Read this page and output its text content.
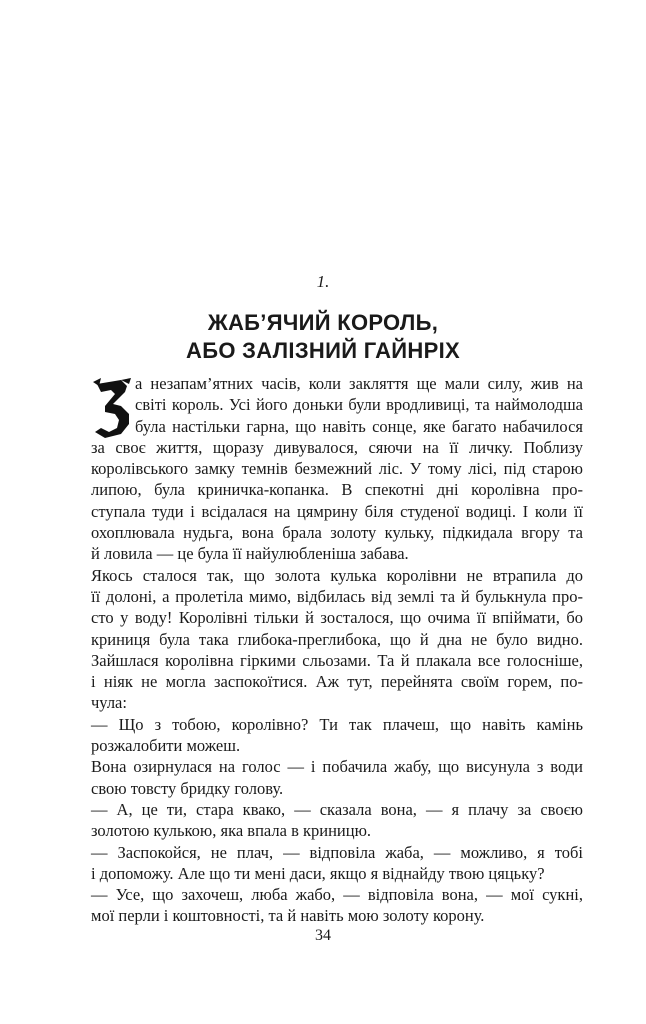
1.
ЖАБ’ЯЧИЙ КОРОЛЬ,
АБО ЗАЛІЗНИЙ ГАЙНРІХ
а незапам’ятних часів, коли закляття ще мали силу, жив на
світі король. Усі його доньки були вродливиці, та наймолодша
була настільки гарна, що навіть сонце, яке багато набачилося
за своє життя, щоразу дивувалося, сяючи на її личку. Поблизу
королівського замку темнів безмежний ліс. У тому лісі, під старою
липою, була криничка-копанка. В спекотні дні королівна про-
ступала туди і всідалася на цямрину біля студеної водиці. І коли її
охоплювала нудьга, вона брала золоту кульку, підкидала вгору та
й ловила — це була її найулюбленіша забава.
Якось сталося так, що золота кулька королівни не втрапила до
її долоні, а пролетіла мимо, відбилась від землі та й булькнула про-
сто у воду! Королівні тільки й зосталося, що очима її впіймати, бо
криниця була така глибока-преглибока, що й дна не було видно.
Зайшлася королівна гіркими сльозами. Та й плакала все голосніше,
і ніяк не могла заспокоїтися. Аж тут, перейнята своїм горем, по-
чула:
— Що з тобою, королівно? Ти так плачеш, що навіть камінь
розжалобити можеш.
Вона озирнулася на голос — і побачила жабу, що висунула з води
свою товсту бридку голову.
— А, це ти, стара квако, — сказала вона, — я плачу за своєю
золотою кулькою, яка впала в криницю.
— Заспокойся, не плач, — відповіла жаба, — можливо, я тобі
і допоможу. Але що ти мені даси, якщо я віднайду твою цяцьку?
— Усе, що захочеш, люба жабо, — відповіла вона, — мої сукні,
мої перли і коштовності, та й навіть мою золоту корону.
34
